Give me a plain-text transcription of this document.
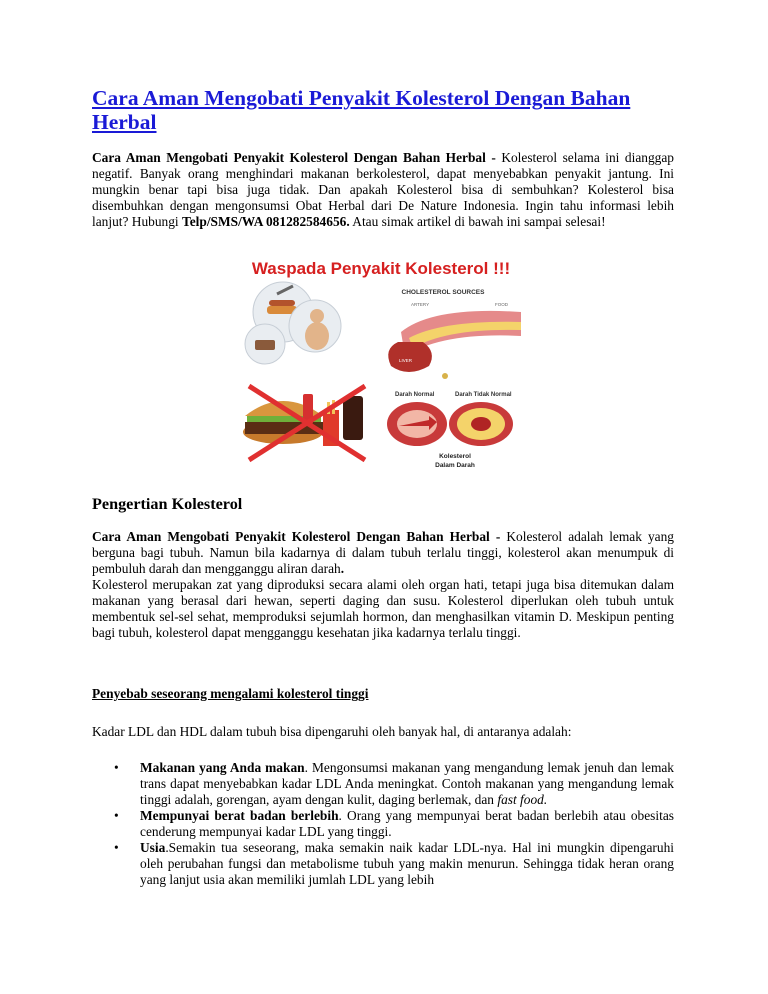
Cara Aman Mengobati Penyakit Kolesterol Dengan Bahan Herbal

Cara Aman Mengobati Penyakit Kolesterol Dengan Bahan Herbal - Kolesterol selama ini dianggap negatif. Banyak orang menghindari makanan berkolesterol, dapat menyebabkan penyakit jantung. Ini mungkin benar tapi bisa juga tidak. Dan apakah Kolesterol bisa di sembuhkan? Kolesterol bisa disembuhkan dengan mengonsumsi Obat Herbal dari De Nature Indonesia. Ingin tahu informasi lebih lanjut? Hubungi Telp/SMS/WA 081282584656. Atau simak artikel di bawah ini sampai selesai!

Waspada Penyakit Kolesterol !!!
CHOLESTEROL SOURCES
ARTERY	FOOD
LIVER
Darah Normal	Darah Tidak Normal
Kolesterol
Dalam Darah
Pengertian Kolesterol

Cara Aman Mengobati Penyakit Kolesterol Dengan Bahan Herbal - Kolesterol adalah lemak yang berguna bagi tubuh. Namun bila kadarnya di dalam tubuh terlalu tinggi, kolesterol akan menumpuk di pembuluh darah dan mengganggu aliran darah.

Kolesterol merupakan zat yang diproduksi secara alami oleh organ hati, tetapi juga bisa ditemukan dalam makanan yang berasal dari hewan, seperti daging dan susu. Kolesterol diperlukan oleh tubuh untuk membentuk sel-sel sehat, memproduksi sejumlah hormon, dan menghasilkan vitamin D. Meskipun penting bagi tubuh, kolesterol dapat mengganggu kesehatan jika kadarnya terlalu tinggi.

Penyebab seseorang mengalami kolesterol tinggi

Kadar LDL dan HDL dalam tubuh bisa dipengaruhi oleh banyak hal, di antaranya adalah:

• Makanan yang Anda makan. Mengonsumsi makanan yang mengandung lemak jenuh dan lemak trans dapat menyebabkan kadar LDL Anda meningkat. Contoh makanan yang mengandung lemak tinggi adalah, gorengan, ayam dengan kulit, daging berlemak, dan fast food.
• Mempunyai berat badan berlebih. Orang yang mempunyai berat badan berlebih atau obesitas cenderung mempunyai kadar LDL yang tinggi.
• Usia.Semakin tua seseorang, maka semakin naik kadar LDL-nya. Hal ini mungkin dipengaruhi oleh perubahan fungsi dan metabolisme tubuh yang makin menurun. Sehingga tidak heran orang yang lanjut usia akan memiliki jumlah LDL yang lebih
